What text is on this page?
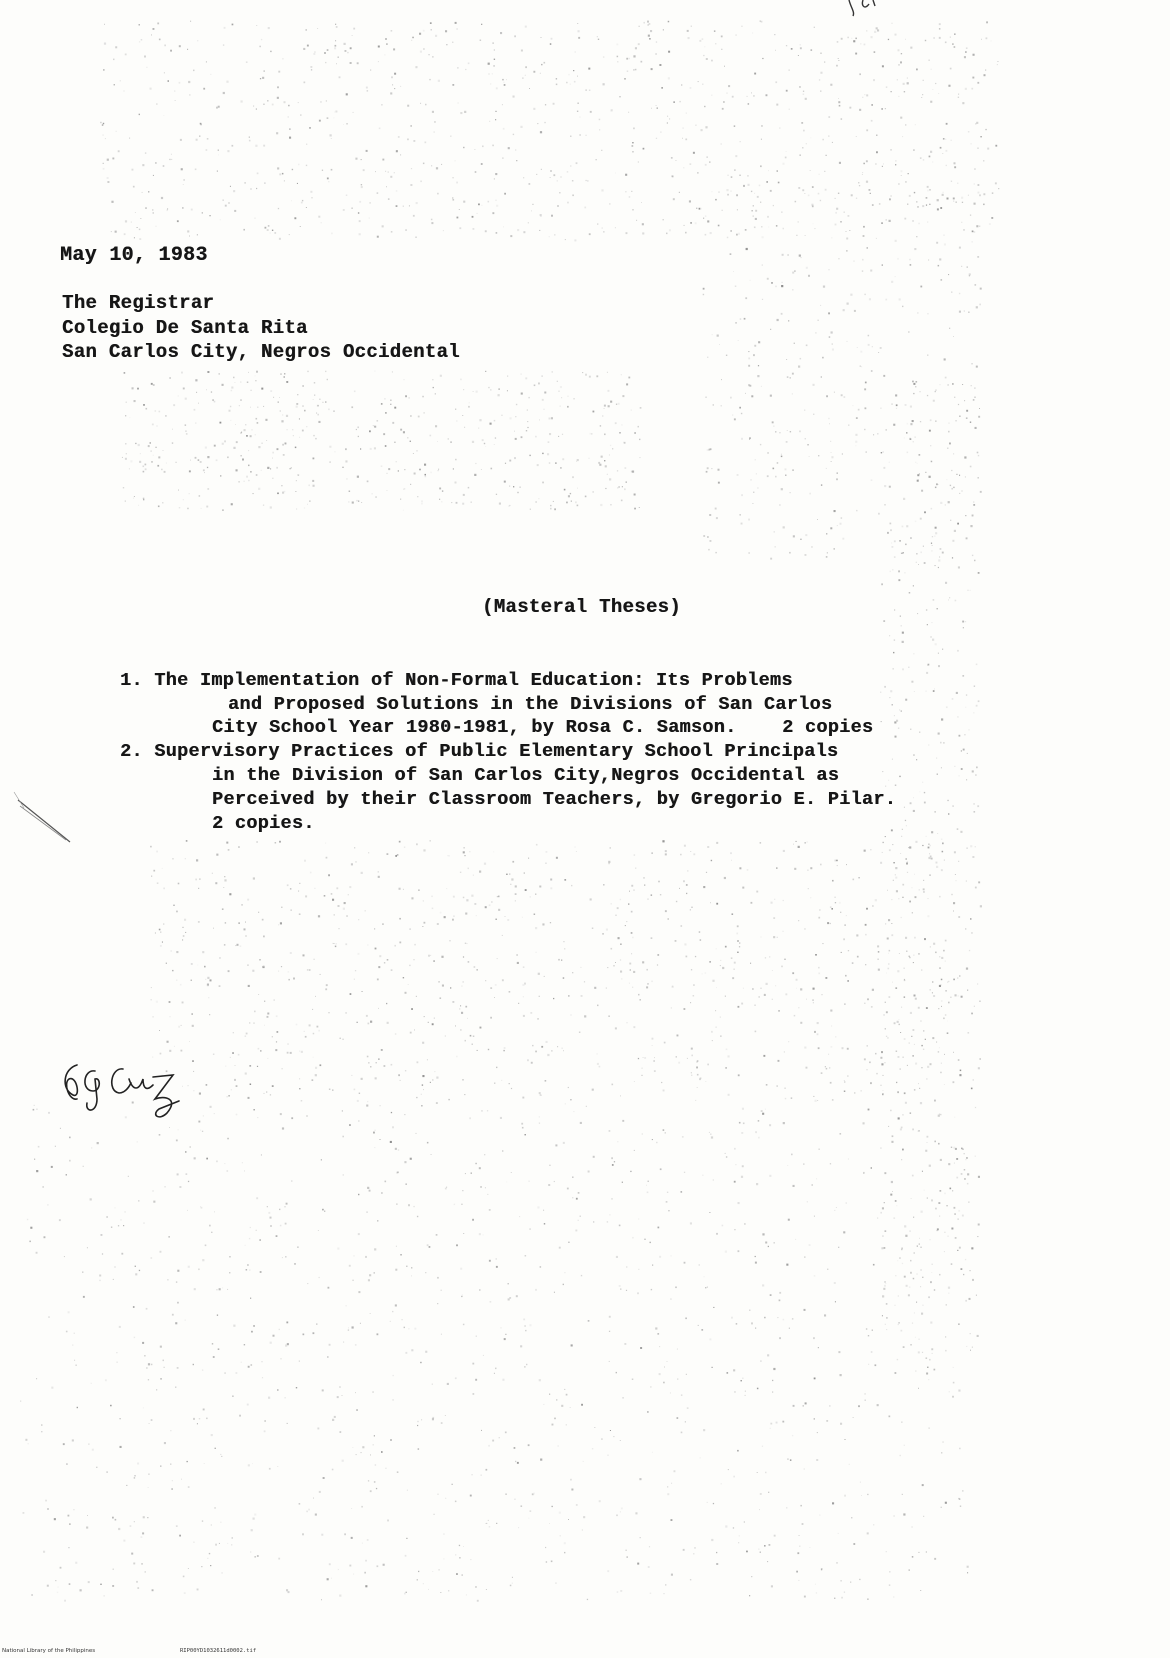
May 10, 1983
The Registrar
Colegio De Santa Rita
San Carlos City, Negros Occidental
(Masteral Theses)
1. The Implementation of Non-Formal Education: Its Problems
and Proposed Solutions in the Divisions of San Carlos
City School Year 1980-1981, by Rosa C. Samson.    2 copies
2. Supervisory Practices of Public Elementary School Principals
in the Division of San Carlos City,Negros Occidental as
Perceived by their Classroom Teachers, by Gregorio E. Pilar.
2 copies.
National Library of the Philippines	RIP00YD1032611d0002.tif
